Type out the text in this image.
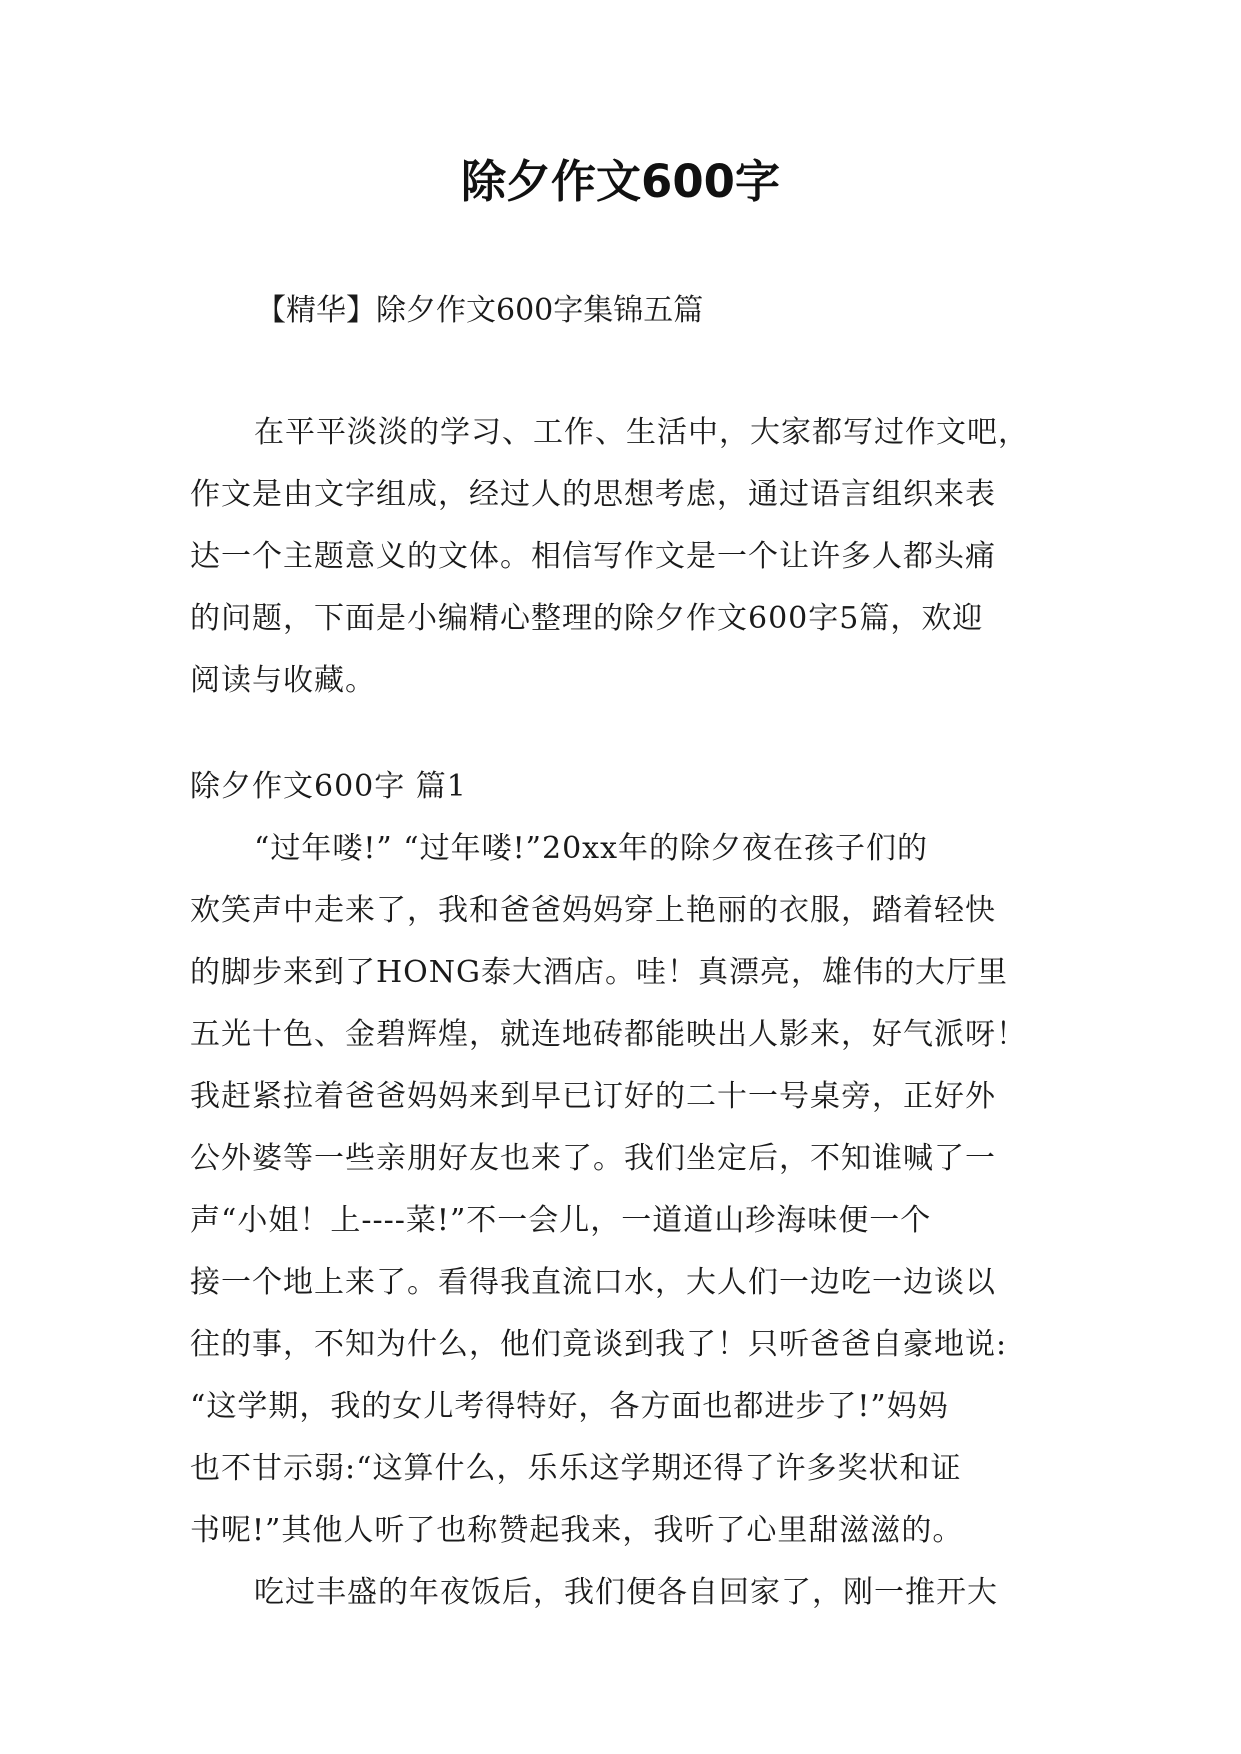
除夕作文600字
【精华】除夕作文600字集锦五篇
在平平淡淡的学习、工作、生活中，大家都写过作文吧，
作文是由文字组成，经过人的思想考虑，通过语言组织来表
达一个主题意义的文体。相信写作文是一个让许多人都头痛
的问题，下面是小编精心整理的除夕作文600字5篇，欢迎
阅读与收藏。
除夕作文600字 篇1
“过年喽!” “过年喽!”20xx年的除夕夜在孩子们的
欢笑声中走来了，我和爸爸妈妈穿上艳丽的衣服，踏着轻快
的脚步来到了HONG泰大酒店。哇！真漂亮，雄伟的大厅里
五光十色、金碧辉煌，就连地砖都能映出人影来，好气派呀！
我赶紧拉着爸爸妈妈来到早已订好的二十一号桌旁，正好外
公外婆等一些亲朋好友也来了。我们坐定后，不知谁喊了一
声“小姐！上----菜!”不一会儿，一道道山珍海味便一个
接一个地上来了。看得我直流口水，大人们一边吃一边谈以
往的事，不知为什么，他们竟谈到我了！只听爸爸自豪地说:
“这学期，我的女儿考得特好，各方面也都进步了!”妈妈
也不甘示弱:“这算什么，乐乐这学期还得了许多奖状和证
书呢!”其他人听了也称赞起我来，我听了心里甜滋滋的。
吃过丰盛的年夜饭后，我们便各自回家了，刚一推开大
